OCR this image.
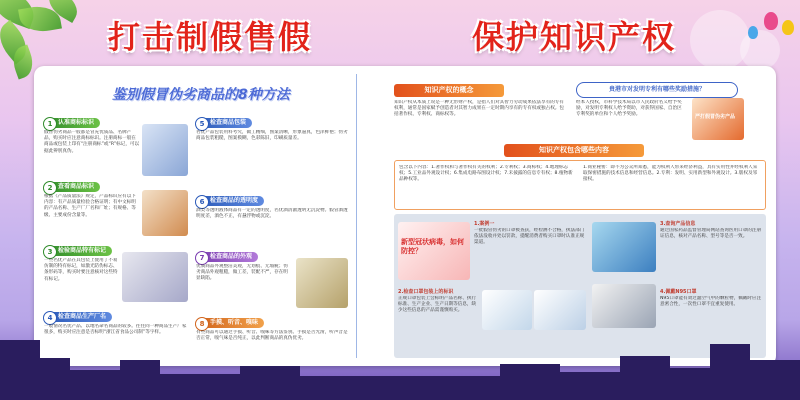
打击制假售假	保护知识产权
鉴别假冒伪劣商品的8种方法
1 认准商标标识
假冒伪劣商品一般都是冒充优质品、名牌产品，购买时应注意商标标识。注册商标一般在商品或包装上印有“注册商标”或“R”标记，可以据此辨别真伪。
2 查看商品标识
根据《产品质量法》规定，产品标识应有以下内容：有产品质量检验合格证明；有中文标明的产品名称、生产厂厂名和厂址；有规格、等级、主要成份含量等。
3 检验商品特有标记
一些名优产品在其包装上使用了不易仿制的特有标记，如激光防伪标志、条形码等，购买时要注意核对这些特有标记。
4 检查商品生产厂名
一般情况名优产品、以地名命名商品的较多。往往同一种商品生产厂家很多，购买时应注意是否标明“浙江省食品公司制”等字样。
5 检查商品包装
名优产品包装用料考究，做工精细，图案清晰，形象逼真，色泽鲜艳；伪劣商品包装粗糙，图案模糊，色彩陈旧，印刷质量差。
6 检查商品的透明度
酒类等透明液体商品有一定的透明度，名优酒清澈透明无沉淀物。假冒酒透明度差，酒色不正，有悬浮物或沉淀。
7 检查商品的外观
优质商品外观整洁美观，无划痕、无瑕疵；伪劣商品外观粗糙，做工差，装配不严，存在明显缺陷。
8 手摸、听音、嗅味
有些商品可以通过手摸、听音、嗅味等方法鉴别。手摸是否光滑，听声音是否正常，嗅气味是否纯正，以此判断商品的真伪优劣。
知识产权的概念
知识产权从本质上说是一种无形财产权，是指人们对其智力劳动成果依法享有的专有权利，通常是国家赋予创造者对其智力成果在一定时期内享有的专有权或独占权。包括著作权、专利权、商标权等。
贵港市对发明专利有哪些奖励措施？
经本人授权，市科学技术局以市人民政府名义给予奖励，对发明专利权人给予资助，对获得国家、自治区专利奖的单位和个人给予奖励。	严打假冒伪劣产品
知识产权包含哪些内容
包含以下内容：1.著作权和与著作权有关的权利；2.专利权；3.商标权；4.地理标志权；5.工业品外观设计权；6.集成电路布图设计权；7.未披露的信息专有权；8.植物新品种权等。
1.商业秘密：即不为公众所知悉，能为权利人带来经济利益，具有实用性并经权利人采取保密措施的技术信息和经营信息。2.专利：发明、实用新型和外观设计。3.版权及邻接权。
新型冠状病毒，如何防控？
1.案例一
一批假冒伪劣的口罩被查获，经检测不合格，执法部门依法没收并处以罚款，提醒消费者购买口罩时认准正规渠道。
2.检查口罩包装上的标识
正规口罩包装上会标明产品名称、执行标准、生产企业、生产日期等信息，缺少这些信息的产品需谨慎购买。
3.查询产品信息
通过国家药品监督管理局网站查询医用口罩的注册证信息，核对产品名称、型号等是否一致。
4.佩戴N95口罩
N95口罩能有效过滤空气中的颗粒物，佩戴时应注意密合性，一次性口罩不宜重复使用。
